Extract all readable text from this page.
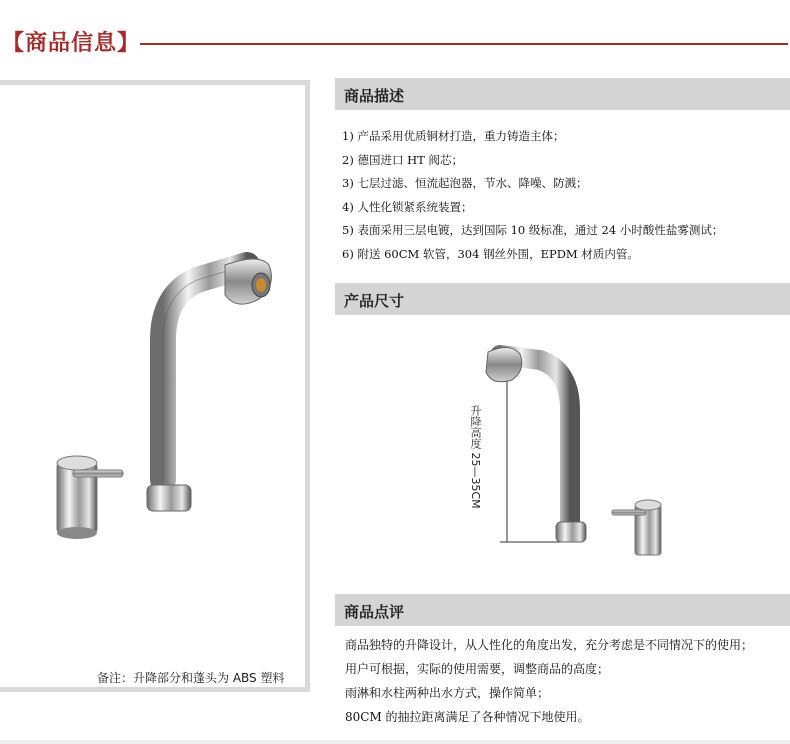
【商品信息】
备注：升降部分和蓬头为 ABS 塑料
商品描述
1) 产品采用优质铜材打造，重力铸造主体；
2) 德国进口 HT 阀芯；
3) 七层过滤、恒流起泡器，节水、降噪、防溅；
4) 人性化锁紧系统装置；
5) 表面采用三层电镀，达到国际 10 级标准，通过 24 小时酸性盐雾测试；
6) 附送 60CM 软管，304 钢丝外围，EPDM 材质内管。
产品尺寸
升降高度 25—35CM
商品点评
商品独特的升降设计，从人性化的角度出发，充分考虑是不同情况下的使用；
用户可根据，实际的使用需要，调整商品的高度；
雨淋和水柱两种出水方式，操作简单；
80CM 的抽拉距离满足了各种情况下地使用。
